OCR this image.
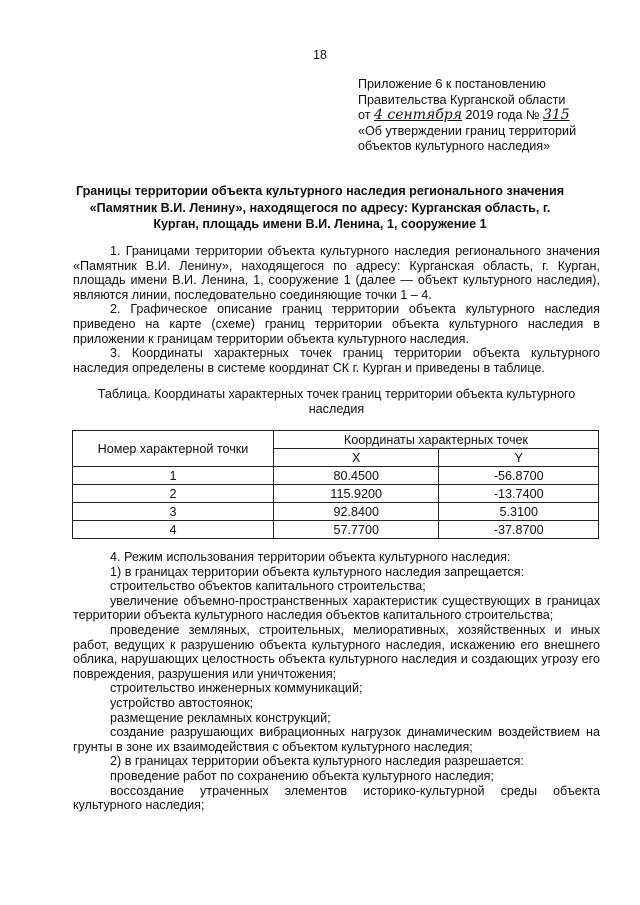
18
Приложение 6 к постановлению
Правительства Курганской области
от 4 сентября 2019 года № 315
«Об утверждении границ территорий
объектов культурного наследия»
Границы территории объекта культурного наследия регионального значения «Памятник В.И. Ленину», находящегося по адресу: Курганская область, г. Курган, площадь имени В.И. Ленина, 1, сооружение 1

1. Границами территории объекта культурного наследия регионального значения «Памятник В.И. Ленину», находящегося по адресу: Курганская область, г. Курган, площадь имени В.И. Ленина, 1, сооружение 1 (далее — объект культурного наследия), являются линии, последовательно соединяющие точки 1 – 4.

2. Графическое описание границ территории объекта культурного наследия приведено на карте (схеме) границ территории объекта культурного наследия в приложении к границам территории объекта культурного наследия.

3. Координаты характерных точек границ территории объекта культурного наследия определены в системе координат СК г. Курган и приведены в таблице.

Таблица. Координаты характерных точек границ территории объекта культурного наследия
Номер характерной точки	Координаты характерных точек	
	X	Y
1	80.4500	-56.8700
2	115.9200	-13.7400
3	92.8400	5.3100
4	57.7700	-37.8700

4. Режим использования территории объекта культурного наследия:

1) в границах территории объекта культурного наследия запрещается:

строительство объектов капитального строительства;

увеличение объемно-пространственных характеристик существующих в границах территории объекта культурного наследия объектов капитального строительства;

проведение земляных, строительных, мелиоративных, хозяйственных и иных работ, ведущих к разрушению объекта культурного наследия, искажению его внешнего облика, нарушающих целостность объекта культурного наследия и создающих угрозу его повреждения, разрушения или уничтожения;

строительство инженерных коммуникаций;

устройство автостоянок;

размещение рекламных конструкций;

создание разрушающих вибрационных нагрузок динамическим воздействием на грунты в зоне их взаимодействия с объектом культурного наследия;

2) в границах территории объекта культурного наследия разрешается:

проведение работ по сохранению объекта культурного наследия;

воссоздание утраченных элементов историко-культурной среды объекта культурного наследия;
